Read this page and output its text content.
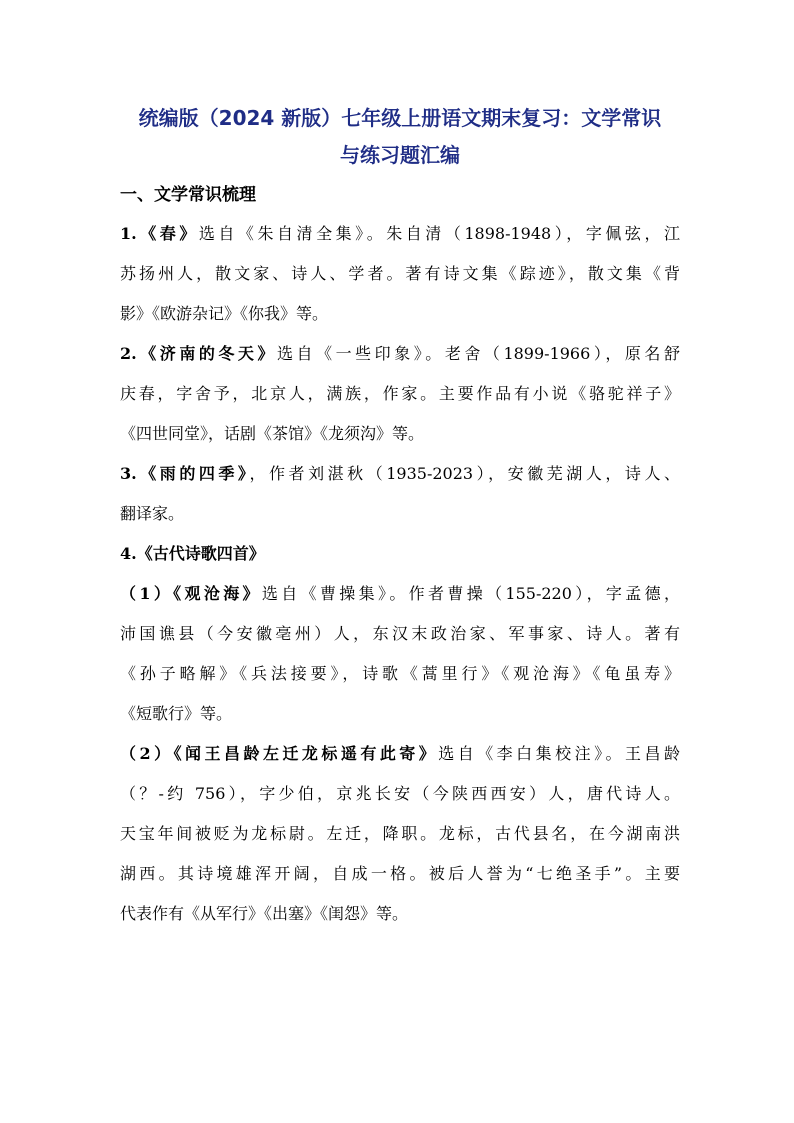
统编版（2024 新版）七年级上册语文期末复习：文学常识
与练习题汇编
一、文学常识梳理

1.《春》选自《朱自清全集》。朱自清（1898-1948），字佩弦，江
苏扬州人，散文家、诗人、学者。著有诗文集《踪迹》，散文集《背
影》《欧游杂记》《你我》等。

2.《济南的冬天》选自《一些印象》。老舍（1899-1966），原名舒
庆春，字舍予，北京人，满族，作家。主要作品有小说《骆驼祥子》
《四世同堂》，话剧《茶馆》《龙须沟》等。

3.《雨的四季》，作者刘湛秋（1935-2023），安徽芜湖人，诗人、
翻译家。

4.《古代诗歌四首》

（1）《观沧海》选自《曹操集》。作者曹操（155-220），字孟德，
沛国谯县（今安徽亳州）人，东汉末政治家、军事家、诗人。著有
《孙子略解》《兵法接要》，诗歌《蒿里行》《观沧海》《龟虽寿》
《短歌行》等。

（2）《闻王昌龄左迁龙标遥有此寄》选自《李白集校注》。王昌龄
（？-约 756），字少伯，京兆长安（今陕西西安）人，唐代诗人。
天宝年间被贬为龙标尉。左迁，降职。龙标，古代县名，在今湖南洪
湖西。其诗境雄浑开阔，自成一格。被后人誉为“七绝圣手”。主要
代表作有《从军行》《出塞》《闺怨》等。
